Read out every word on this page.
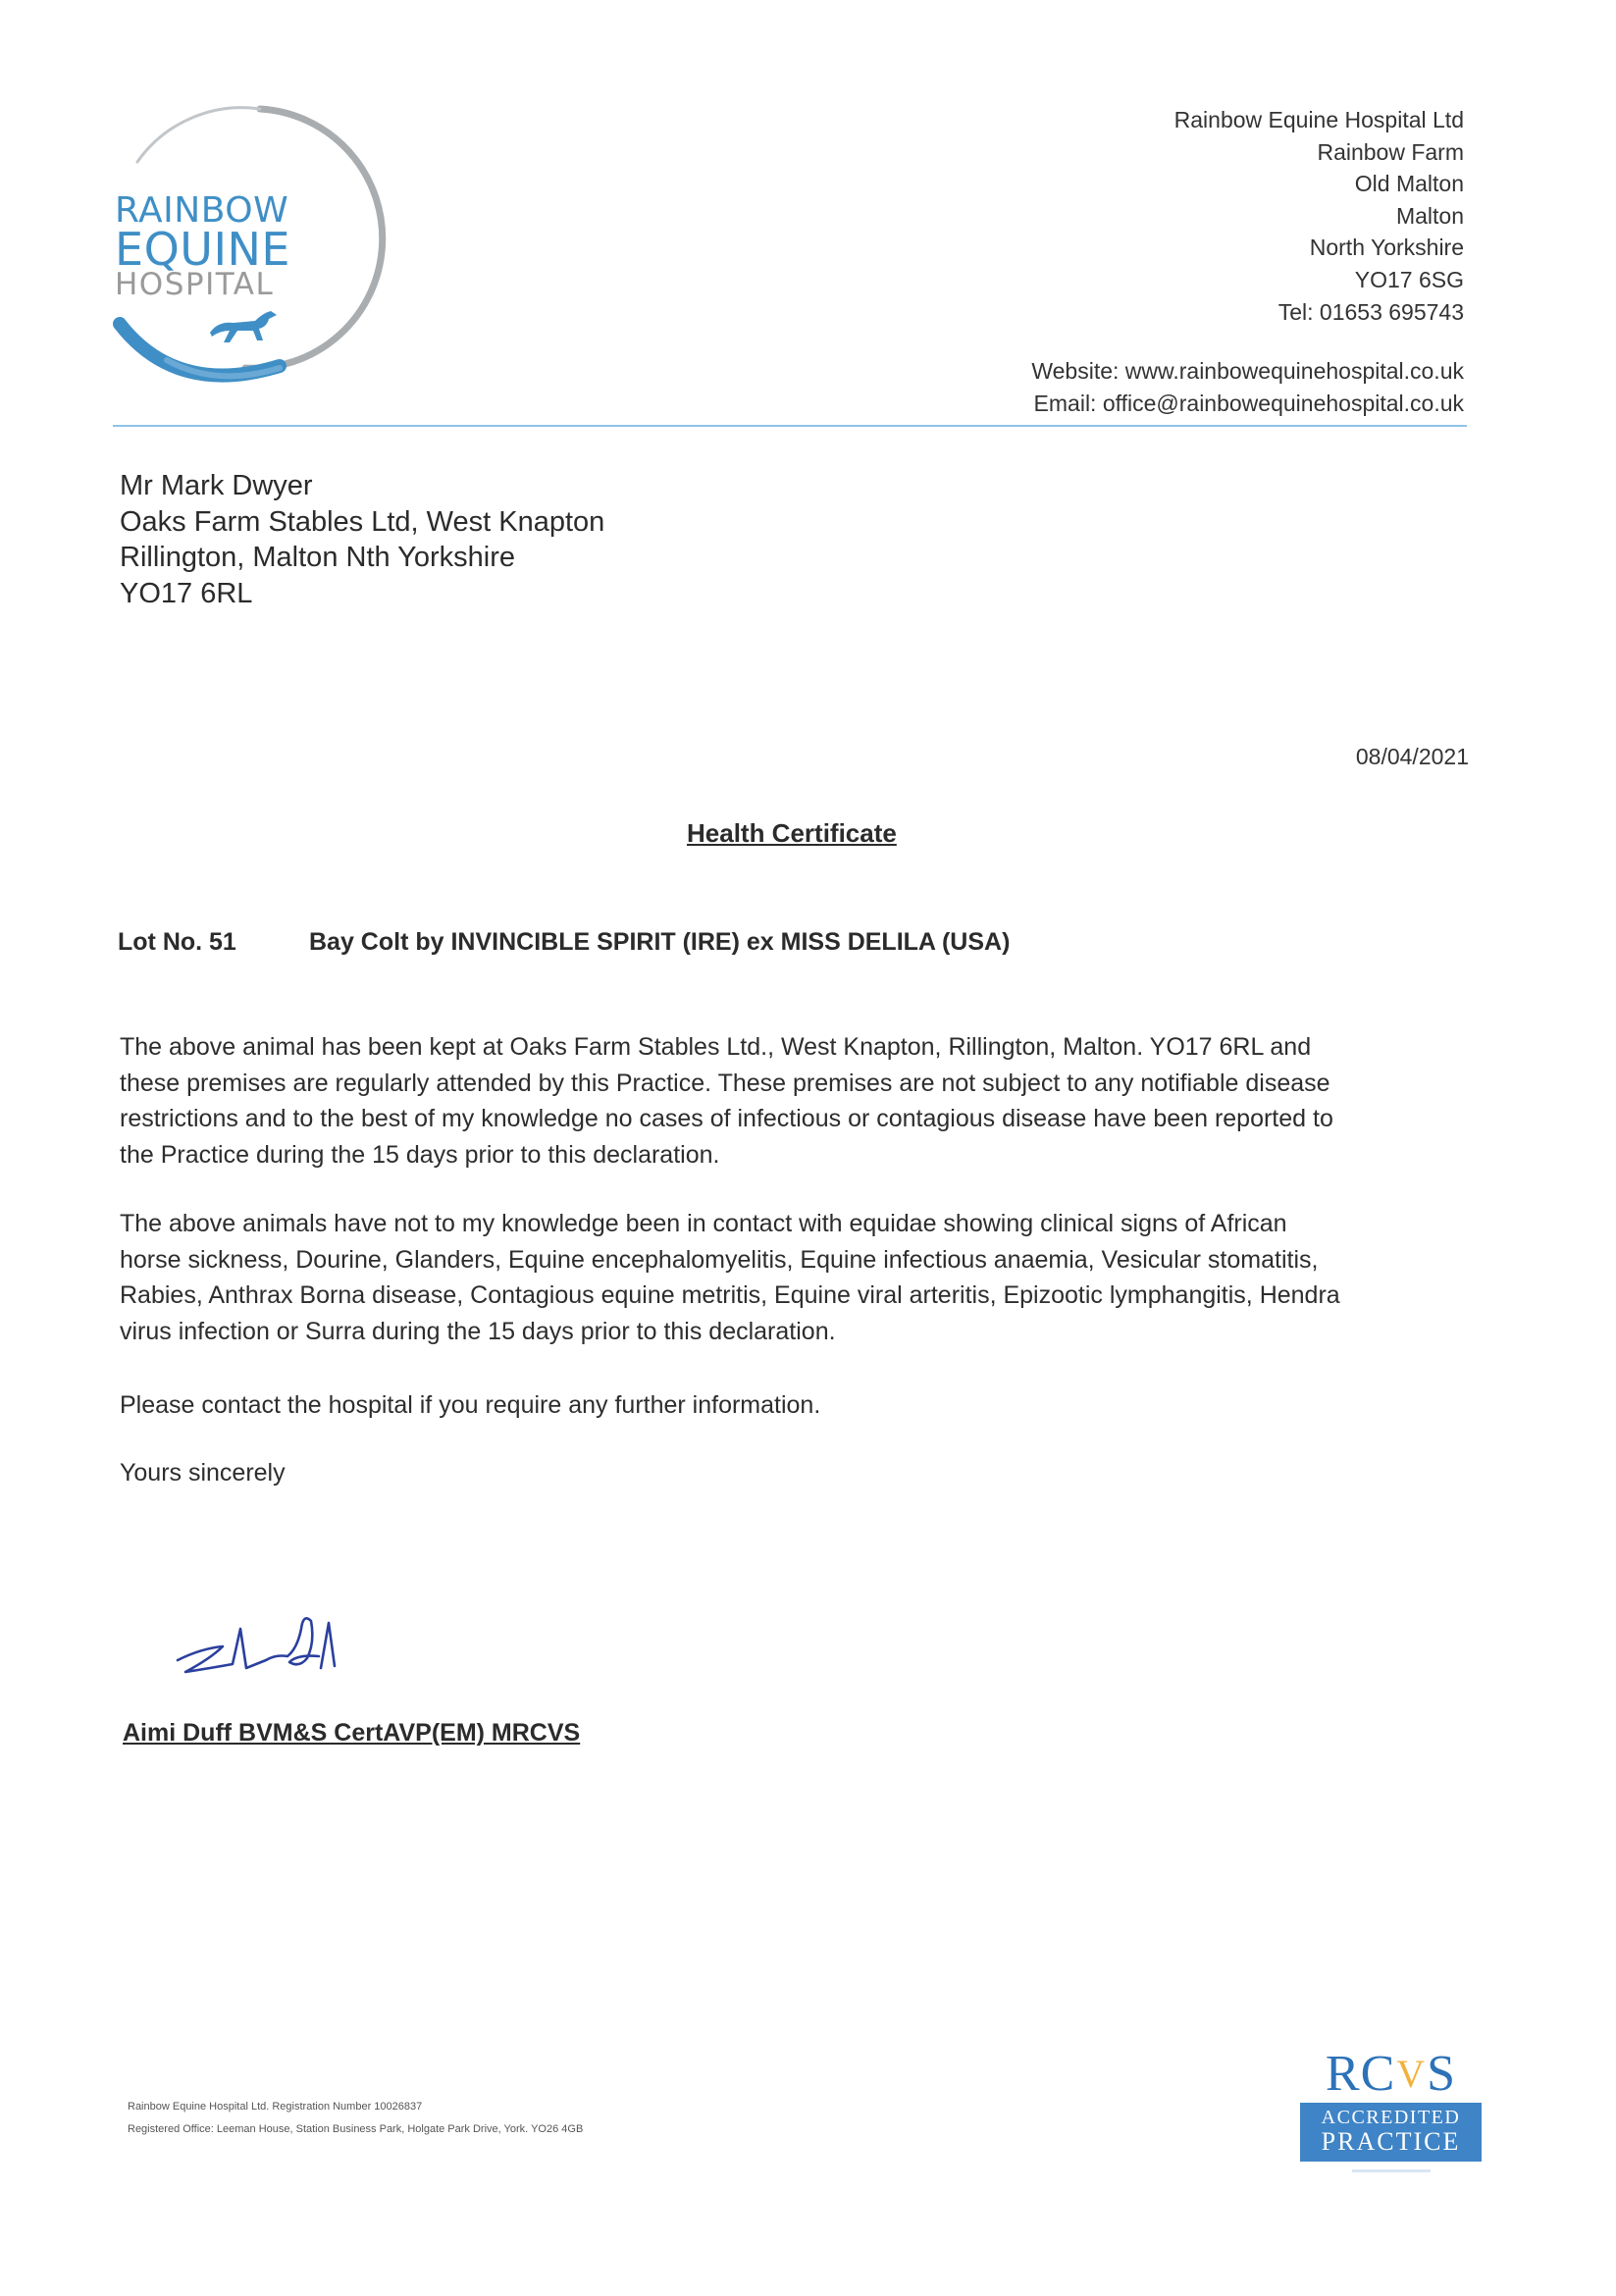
RAINBOW
EQUINE
HOSPITAL
Rainbow Equine Hospital Ltd
Rainbow Farm
Old Malton
Malton
North Yorkshire
YO17 6SG
Tel: 01653 695743
Website: www.rainbowequinehospital.co.uk
Email: office@rainbowequinehospital.co.uk
Mr Mark Dwyer
Oaks Farm Stables Ltd, West Knapton
Rillington, Malton Nth Yorkshire
YO17 6RL
08/04/2021
Health Certificate
Lot No. 51	Bay Colt by INVINCIBLE SPIRIT (IRE) ex MISS DELILA (USA)
The above animal has been kept at Oaks Farm Stables Ltd., West Knapton, Rillington, Malton. YO17 6RL and
these premises are regularly attended by this Practice. These premises are not subject to any notifiable disease
restrictions and to the best of my knowledge no cases of infectious or contagious disease have been reported to
the Practice during the 15 days prior to this declaration.
The above animals have not to my knowledge been in contact with equidae showing clinical signs of African
horse sickness, Dourine, Glanders, Equine encephalomyelitis, Equine infectious anaemia, Vesicular stomatitis,
Rabies, Anthrax Borna disease, Contagious equine metritis, Equine viral arteritis, Epizootic lymphangitis, Hendra
virus infection or Surra during the 15 days prior to this declaration.
Please contact the hospital if you require any further information.
Yours sincerely
Aimi Duff BVM&S CertAVP(EM) MRCVS
Rainbow Equine Hospital Ltd. Registration Number 10026837
Registered Office: Leeman House, Station Business Park, Holgate Park Drive, York. YO26 4GB
RCVS
ACCREDITED
PRACTICE
